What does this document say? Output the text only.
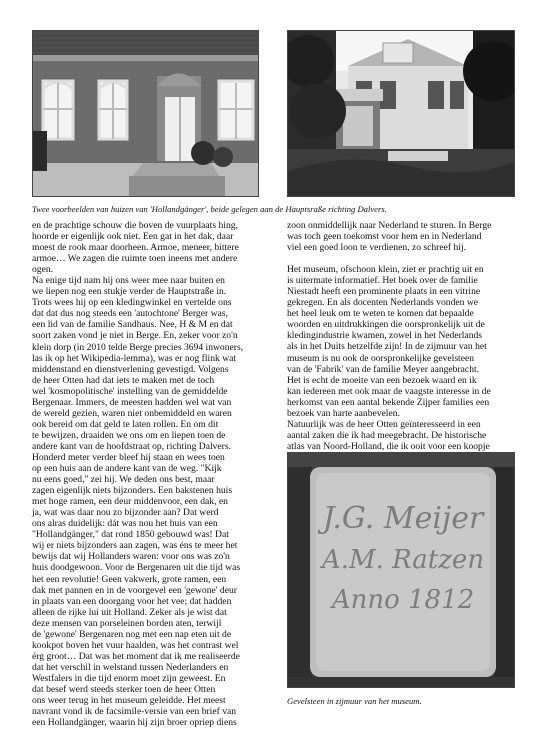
Twee voorbeelden van huizen van 'Hollandgänger', beide gelegen aan de Hauptsraße richting Dalvers.
en de prachtige schouw die boven de vuurplaats hing,
hoorde er eigenlijk ook niet. Een gat in het dak, daar
moest de rook maar doorheen. Armoe, meneer, bittere
armoe… We zagen die ruimte toen ineens met andere
ogen.
Na enige tijd nam hij ons weer mee naar buiten en
we liepen nog een stukje verder de Hauptstraße in.
Trots wees hij op een kledingwinkel en vertelde ons
dat dat dus nog steeds een 'autochtone' Berger was,
een lid van de familie Sandhaus. Nee, H & M en dat
soort zaken vond je niet in Berge. En, zeker voor zo'n
klein dorp (in 2010 telde Berge precies 3694 inwoners,
las ik op het Wikipedia-lemma), was er nog flink wat
middenstand en dienstverlening gevestigd. Volgens
de heer Otten had dat iets te maken met de toch
wel 'kosmopolitische' instelling van de gemiddelde
Bergenaar. Immers, de meesten hadden wel wat van
de wereld gezien, waren niet onbemiddeld en waren
ook bereid om dat geld te laten rollen. En om dit
te bewijzen, draaiden we ons om en liepen toen de
andere kant van de hoofdstraat op, richting Dalvers.
Honderd meter verder bleef hij staan en wees toen
op een huis aan de andere kant van de weg. "Kijk
nu eens goed," zei hij. We deden ons best, maar
zagen eigenlijk niets bijzonders. Een bakstenen huis
met hoge ramen, een deur middenvoor, een dak, en
ja, wat was daar nou zo bijzonder aan? Dat werd
ons alras duidelijk: dát was nou het huis van een
"Hollandgänger," dat rond 1850 gebouwd was! Dat
wij er niets bijzonders aan zagen, was éns te meer het
bewijs dat wij Hollanders waren: voor ons was zo'n
huis doodgewoon. Voor de Bergenaren uit die tijd was
het een revolutie! Geen vakwerk, grote ramen, een
dak met pannen en in de voorgevel een 'gewone' deur
in plaats van een doorgang voor het vee; dat hadden
alleen de rijke lui uit Holland. Zeker als je wist dat
deze mensen van porseleinen borden aten, terwijl
de 'gewone' Bergenaren nog met een nap eten uit de
kookpot boven het vuur haalden, was het contrast wel
érg groot… Dat was het moment dat ik me realiseerde
dat het verschil in welstand tussen Nederlanders en
Westfalers in die tijd enorm moet zijn geweest. En
dat besef werd steeds sterker toen de heer Otten
ons weer terug in het museum geleidde. Het meest
navrant vond ik de facsimile-versie van een brief van
een Hollandgänger, waarin hij zijn broer opriep diens
zoon onmiddellijk naar Nederland te sturen. In Berge
was toch geen toekomst voor hem en in Nederland
viel een goed loon te verdienen, zo schreef hij.
Het museum, ofschoon klein, ziet er prachtig uit en
is uitermate informatief. Het boek over de familie
Niestadt heeft een prominente plaats in een vitrine
gekregen. En als docenten Nederlands vonden we
het heel leuk om te weten te komen dat bepaalde
woorden en uitdrukkingen die oorspronkelijk uit de
kledingindustrie kwamen, zowel in het Nederlands
als in het Duits hetzelfde zijn! In de zijmuur van het
museum is nu ook de oorspronkelijke gevelsteen
van de 'Fabrik' van de familie Meyer aangebracht.
Het is echt de moeite van een bezoek waard en ik
kan iedereen met ook maar de vaagste interesse in de
herkomst van een aantal bekende Zijper families een
bezoek van harte aanbevelen.
Natuurlijk was de heer Otten geïnteresseerd in een
aantal zaken die ik had meegebracht. De historische
atlas van Noord-Holland, die ik ooit voor een koopje
J.G. Meijer
A.M. Ratzen
Anno 1812
Gevelsteen in zijmuur van het museum.
